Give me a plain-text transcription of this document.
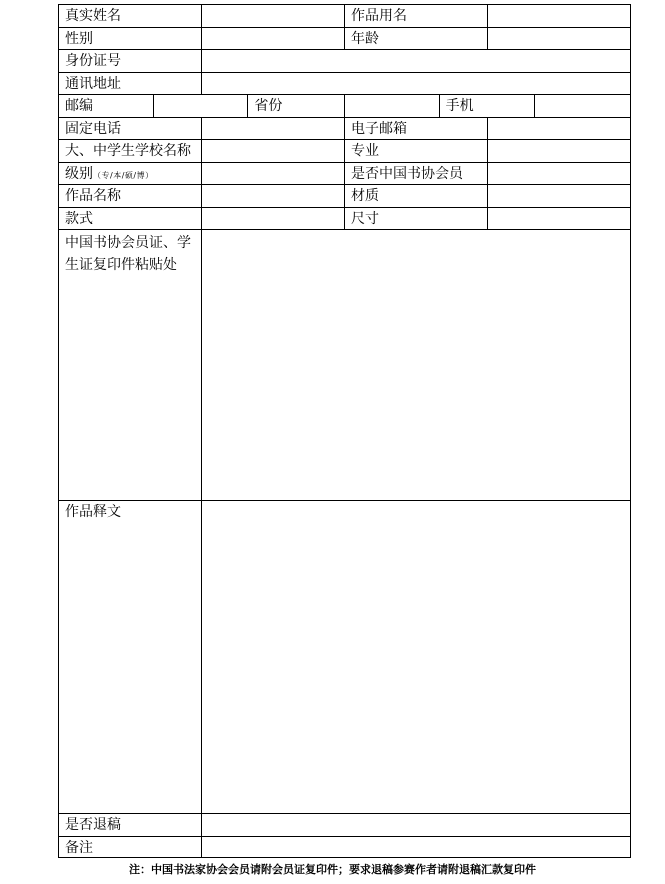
真实姓名	作品用名
性别	年龄
身份证号
通讯地址
邮编	省份	手机
固定电话	电子邮箱
大、中学生学校名称	专业
级别（专/本/硕/博）	是否中国书协会员
作品名称	材质
款式	尺寸
中国书协会员证、学生证复印件粘贴处
作品释文
是否退稿
备注
注：中国书法家协会会员请附会员证复印件；要求退稿参赛作者请附退稿汇款复印件
